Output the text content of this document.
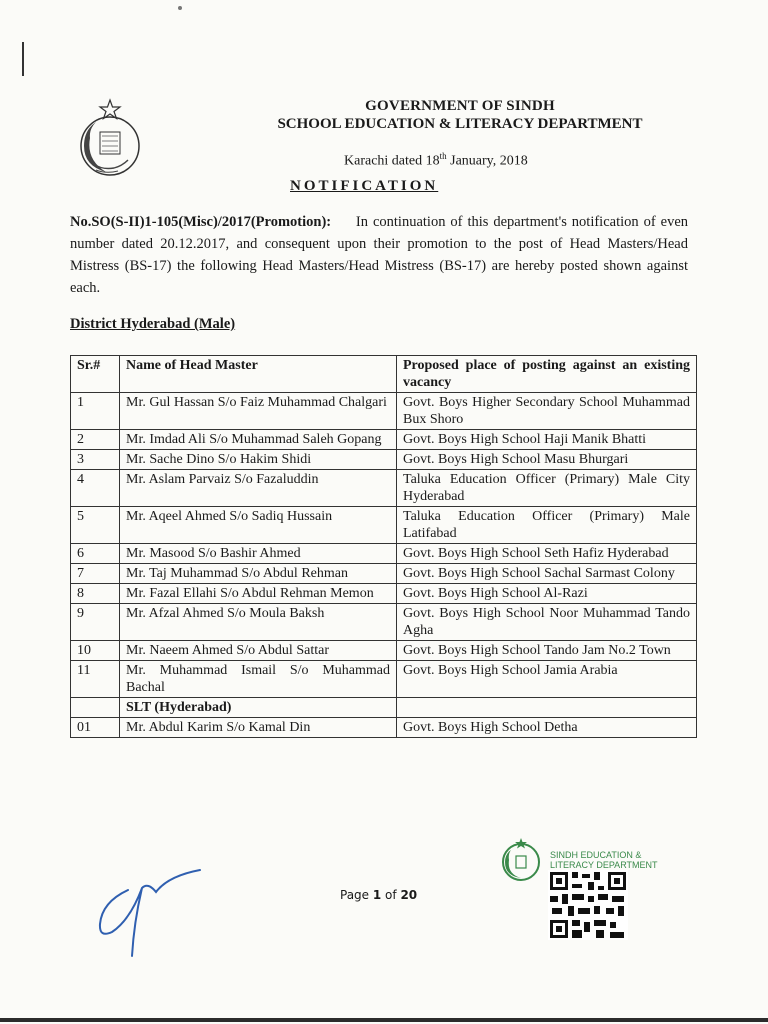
GOVERNMENT OF SINDH
SCHOOL EDUCATION & LITERACY DEPARTMENT
Karachi dated 18th January, 2018
NOTIFICATION
No.SO(S-II)1-105(Misc)/2017(Promotion): In continuation of this department's notification of even number dated 20.12.2017, and consequent upon their promotion to the post of Head Masters/Head Mistress (BS-17) the following Head Masters/Head Mistress (BS-17) are hereby posted shown against each.
District Hyderabad (Male)
Sr.#	Name of Head Master	Proposed place of posting against an existing vacancy
1	Mr. Gul Hassan S/o Faiz Muhammad Chalgari	Govt. Boys Higher Secondary School Muhammad Bux Shoro
2	Mr. Imdad Ali S/o Muhammad Saleh Gopang	Govt. Boys High School Haji Manik Bhatti
3	Mr. Sache Dino S/o Hakim Shidi	Govt. Boys High School Masu Bhurgari
4	Mr. Aslam Parvaiz S/o Fazaluddin	Taluka Education Officer (Primary) Male City Hyderabad
5	Mr. Aqeel Ahmed S/o Sadiq Hussain	Taluka Education Officer (Primary) Male Latifabad
6	Mr. Masood S/o Bashir Ahmed	Govt. Boys High School Seth Hafiz Hyderabad
7	Mr. Taj Muhammad S/o Abdul Rehman	Govt. Boys High School Sachal Sarmast Colony
8	Mr. Fazal Ellahi S/o Abdul Rehman Memon	Govt. Boys High School Al-Razi
9	Mr. Afzal Ahmed S/o Moula Baksh	Govt. Boys High School Noor Muhammad Tando Agha
10	Mr. Naeem Ahmed S/o Abdul Sattar	Govt. Boys High School Tando Jam No.2 Town
11	Mr. Muhammad Ismail S/o Muhammad Bachal	Govt. Boys High School Jamia Arabia
	SLT (Hyderabad)	
01	Mr. Abdul Karim S/o Kamal Din	Govt. Boys High School Detha
Page 1 of 20
SINDH EDUCATION &
LITERACY DEPARTMENT
